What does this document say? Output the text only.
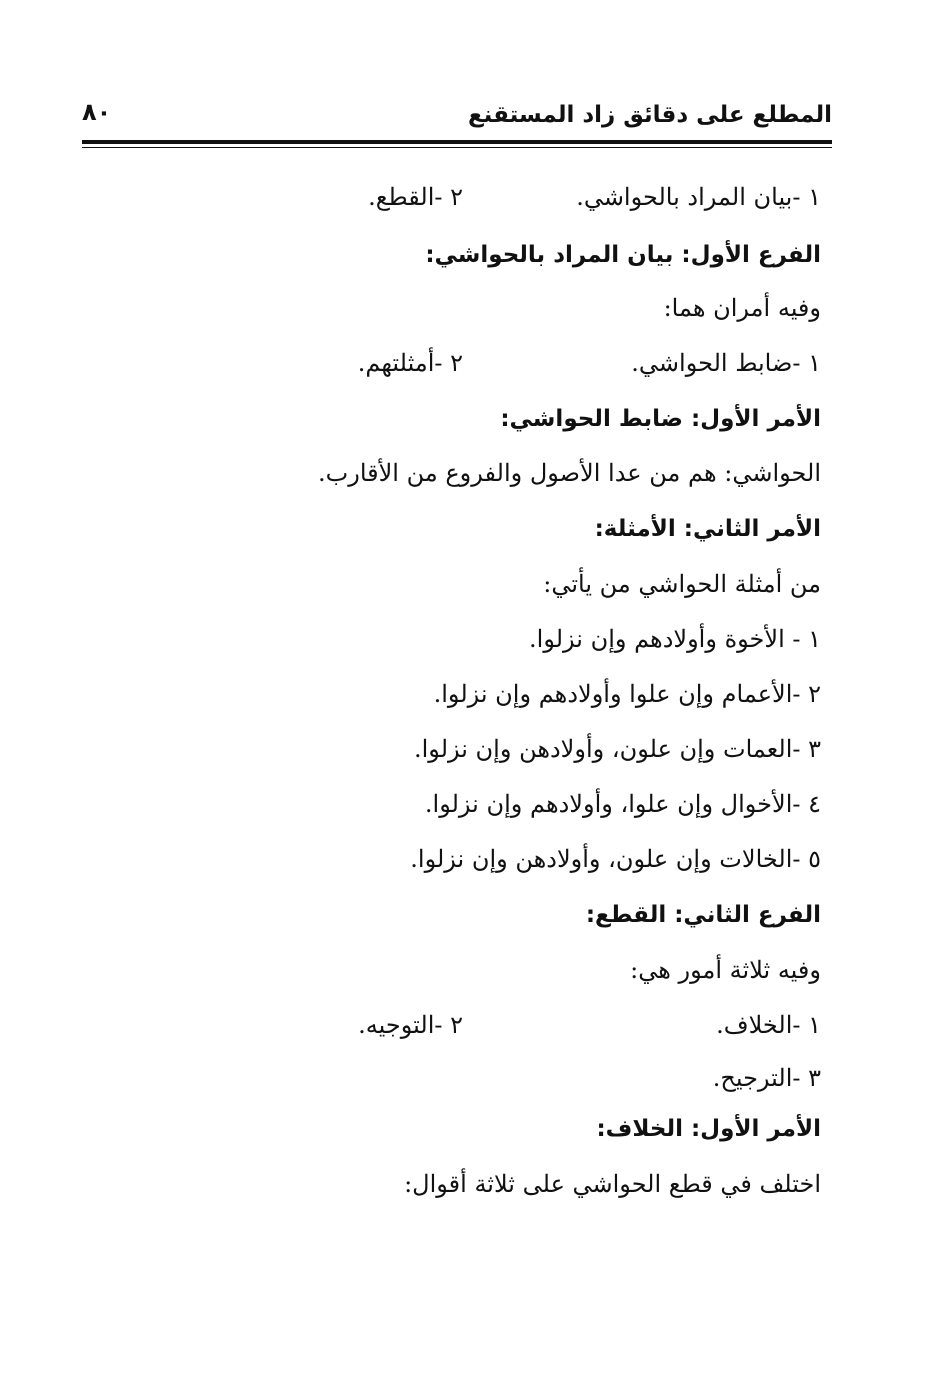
٨٠	المطلع على دقائق زاد المستقنع
١ -بيان المراد بالحواشي.
٢ -القطع.
الفرع الأول: بيان المراد بالحواشي:
وفيه أمران هما:
١ -ضابط الحواشي.
٢ -أمثلتهم.
الأمر الأول: ضابط الحواشي:
الحواشي: هم من عدا الأصول والفروع من الأقارب.
الأمر الثاني: الأمثلة:
من أمثلة الحواشي من يأتي:
١ - الأخوة وأولادهم وإن نزلوا.
٢ -الأعمام وإن علوا وأولادهم وإن نزلوا.
٣ -العمات وإن علون، وأولادهن وإن نزلوا.
٤ -الأخوال وإن علوا، وأولادهم وإن نزلوا.
٥ -الخالات وإن علون، وأولادهن وإن نزلوا.
الفرع الثاني: القطع:
وفيه ثلاثة أمور هي:
١ -الخلاف.
٢ -التوجيه.
٣ -الترجيح.
الأمر الأول: الخلاف:
اختلف في قطع الحواشي على ثلاثة أقوال:
